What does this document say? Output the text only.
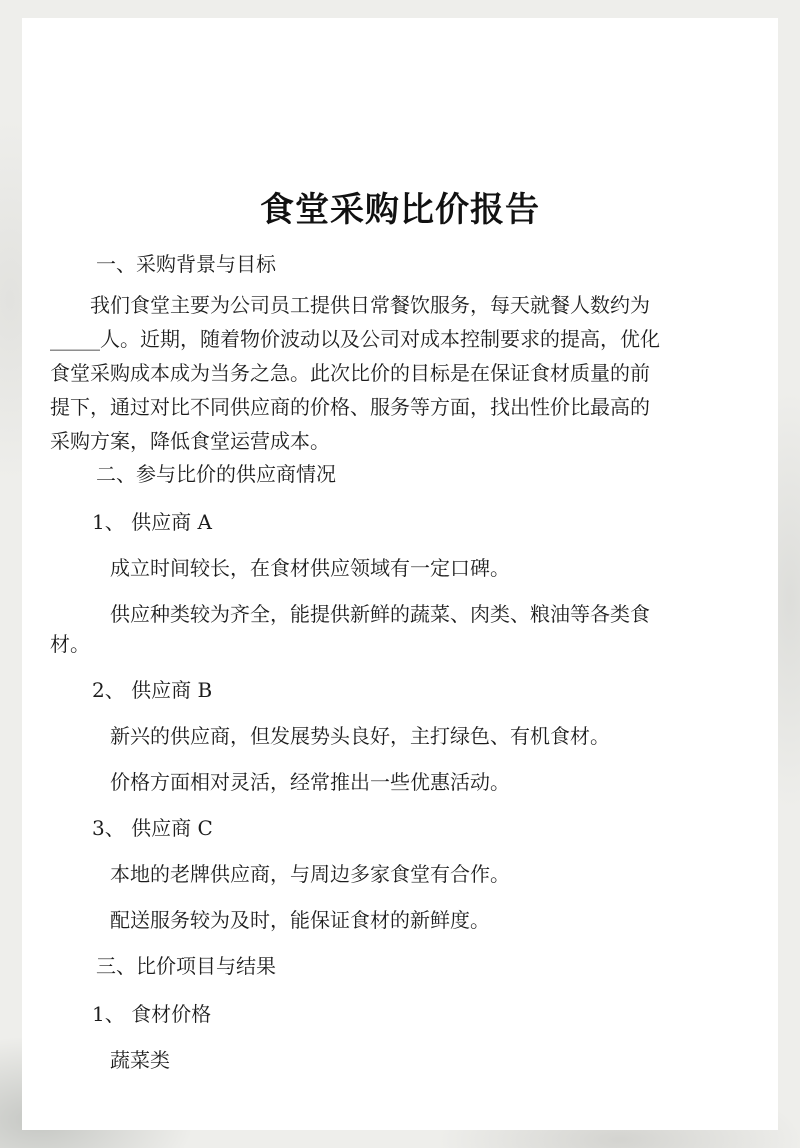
食堂采购比价报告
一、采购背景与目标
我们食堂主要为公司员工提供日常餐饮服务，每天就餐人数约为
_____人。近期，随着物价波动以及公司对成本控制要求的提高，优化
食堂采购成本成为当务之急。此次比价的目标是在保证食材质量的前
提下，通过对比不同供应商的价格、服务等方面，找出性价比最高的
采购方案，降低食堂运营成本。
二、参与比价的供应商情况
1、 供应商 A
成立时间较长，在食材供应领域有一定口碑。
供应种类较为齐全，能提供新鲜的蔬菜、肉类、粮油等各类食
材。
2、 供应商 B
新兴的供应商，但发展势头良好，主打绿色、有机食材。
价格方面相对灵活，经常推出一些优惠活动。
3、 供应商 C
本地的老牌供应商，与周边多家食堂有合作。
配送服务较为及时，能保证食材的新鲜度。
三、比价项目与结果
1、 食材价格
蔬菜类
